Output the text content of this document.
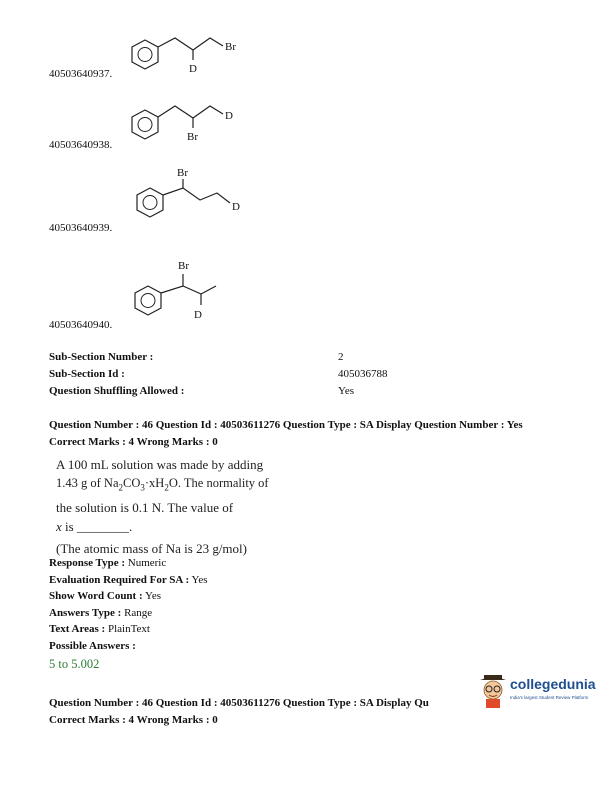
Br
D
40503640937.
D
Br
40503640938.
Br
D
40503640939.
Br
D
40503640940.
Sub-Section Number :	2
Sub-Section Id :	405036788
Question Shuffling Allowed :	Yes
Question Number : 46 Question Id : 40503611276 Question Type : SA Display Question Number : Yes
Correct Marks : 4 Wrong Marks : 0
A 100 mL solution was made by adding
1.43 g of $Na_2CO_3\cdot xH_2O$. The normality of
the solution is 0.1 N. The value of
x is ________.
(The atomic mass of Na is 23 g/mol)
Response Type : Numeric
Evaluation Required For SA : Yes
Show Word Count : Yes
Answers Type : Range
Text Areas : PlainText
Possible Answers :
5 to 5.002
Question Number : 46 Question Id : 40503611276 Question Type : SA Display Qu
Correct Marks : 4 Wrong Marks : 0
collegedunia
India's largest Student Review Platform
